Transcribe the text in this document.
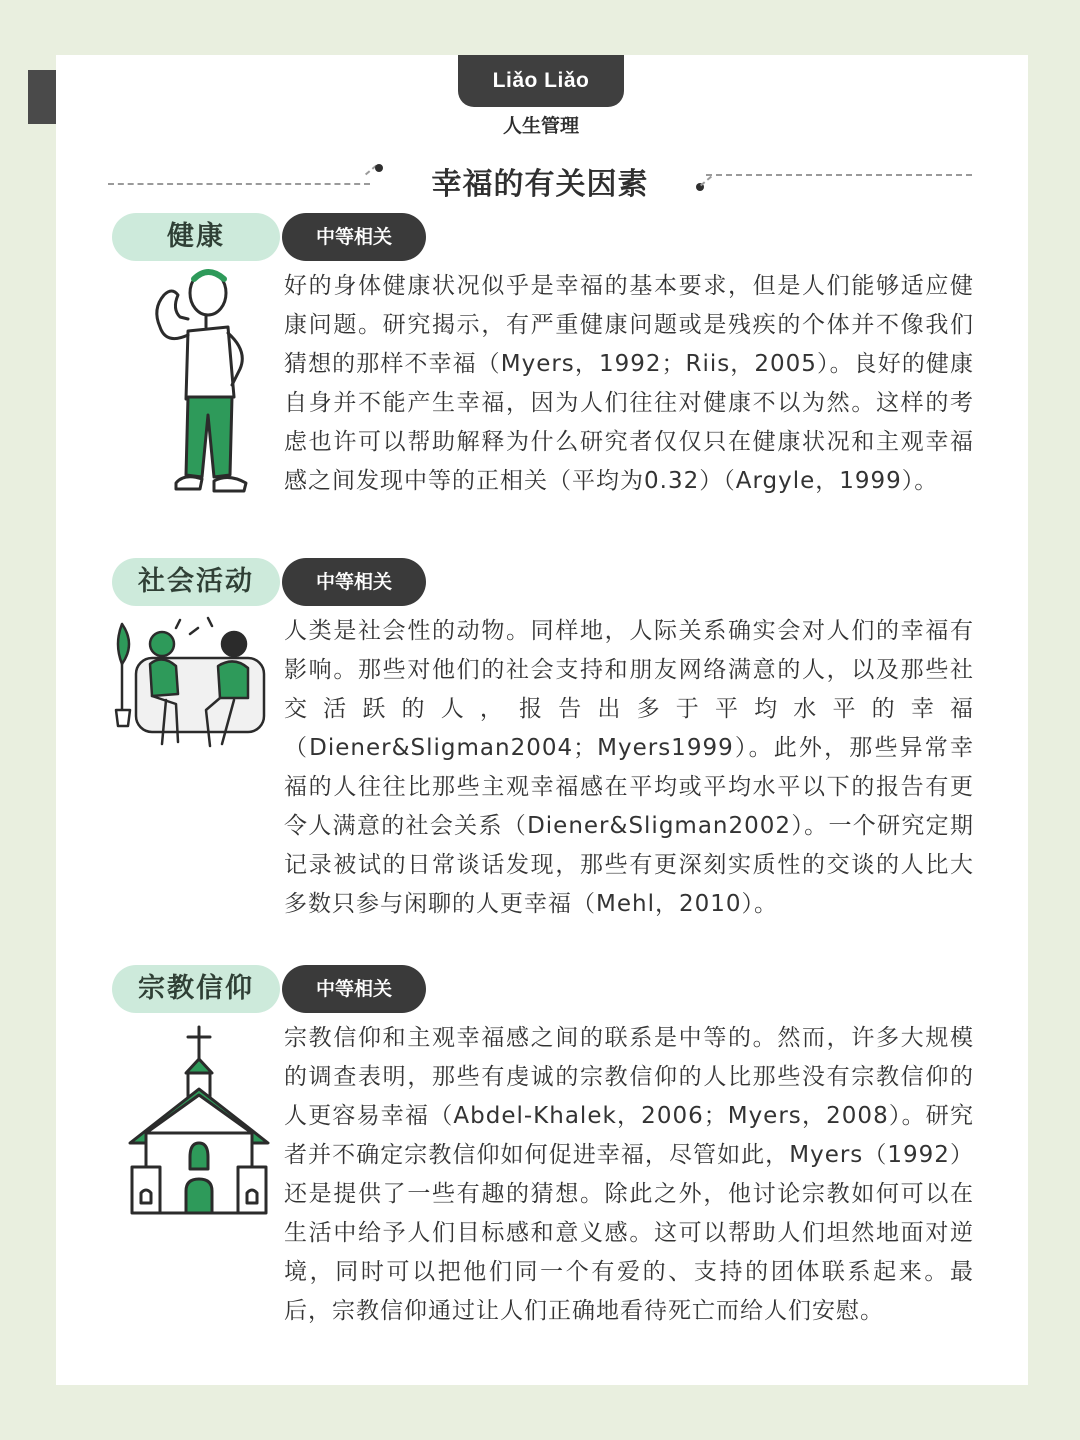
Liǎo Liǎo
人生管理
幸福的有关因素
健康	中等相关
好的身体健康状况似乎是幸福的基本要求，但是人们能够适应健康问题。研究揭示，有严重健康问题或是残疾的个体并不像我们猜想的那样不幸福（Myers，1992；Riis，2005）。良好的健康自身并不能产生幸福，因为人们往往对健康不以为然。这样的考虑也许可以帮助解释为什么研究者仅仅只在健康状况和主观幸福感之间发现中等的正相关（平均为0.32）（Argyle，1999）。
社会活动	中等相关
人类是社会性的动物。同样地，人际关系确实会对人们的幸福有影响。那些对他们的社会支持和朋友网络满意的人，以及那些社交活跃的人，报告出多于平均水平的幸福（Diener&Sligman2004；Myers1999）。此外，那些异常幸福的人往往比那些主观幸福感在平均或平均水平以下的报告有更令人满意的社会关系（Diener&Sligman2002）。一个研究定期记录被试的日常谈话发现，那些有更深刻实质性的交谈的人比大多数只参与闲聊的人更幸福（Mehl，2010）。
宗教信仰	中等相关
宗教信仰和主观幸福感之间的联系是中等的。然而，许多大规模的调查表明，那些有虔诚的宗教信仰的人比那些没有宗教信仰的人更容易幸福（Abdel-Khalek，2006；Myers，2008）。研究者并不确定宗教信仰如何促进幸福，尽管如此，Myers（1992）还是提供了一些有趣的猜想。除此之外，他讨论宗教如何可以在生活中给予人们目标感和意义感。这可以帮助人们坦然地面对逆境，同时可以把他们同一个有爱的、支持的团体联系起来。最后，宗教信仰通过让人们正确地看待死亡而给人们安慰。
